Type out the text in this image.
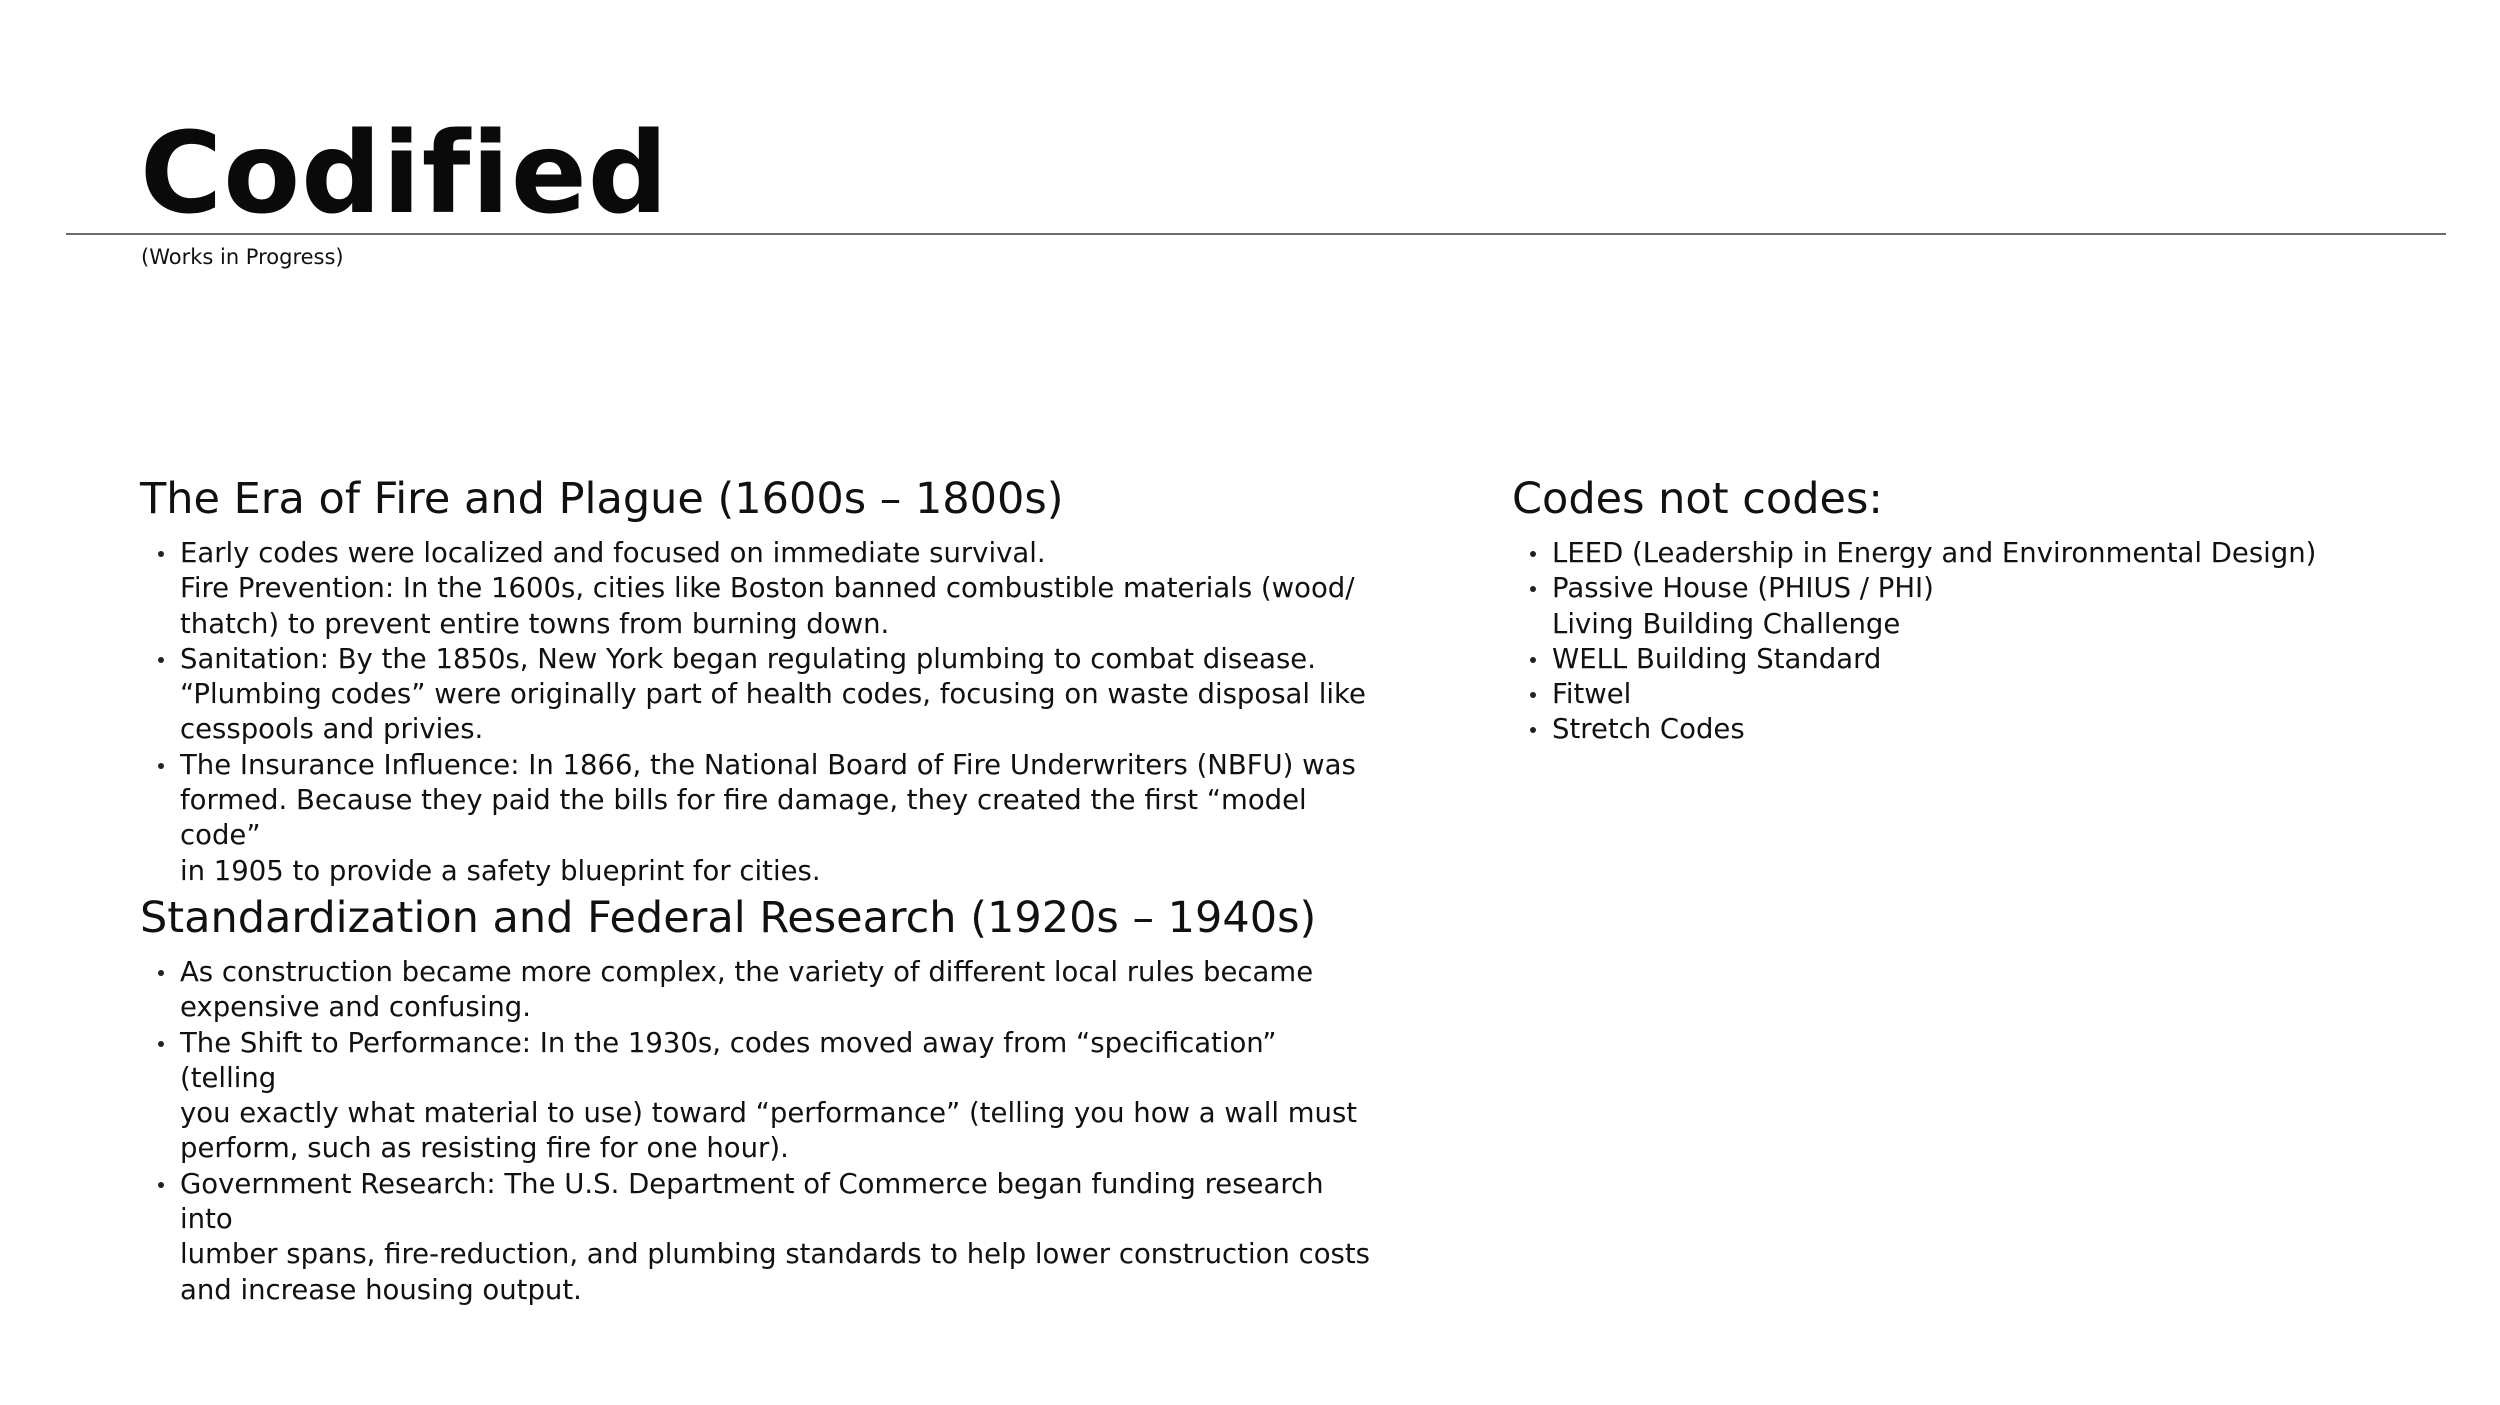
Codified
(Works in Progress)
The Era of Fire and Plague (1600s – 1800s)
Early codes were localized and focused on immediate survival.
Fire Prevention: In the 1600s, cities like Boston banned combustible materials (wood/
thatch) to prevent entire towns from burning down.
Sanitation: By the 1850s, New York began regulating plumbing to combat disease.
“Plumbing codes” were originally part of health codes, focusing on waste disposal like
cesspools and privies.
The Insurance Influence: In 1866, the National Board of Fire Underwriters (NBFU) was
formed. Because they paid the bills for fire damage, they created the first “model code”
in 1905 to provide a safety blueprint for cities.
Standardization and Federal Research (1920s – 1940s)
As construction became more complex, the variety of different local rules became
expensive and confusing.
The Shift to Performance: In the 1930s, codes moved away from “specification” (telling
you exactly what material to use) toward “performance” (telling you how a wall must
perform, such as resisting fire for one hour).
Government Research: The U.S. Department of Commerce began funding research into
lumber spans, fire-reduction, and plumbing standards to help lower construction costs
and increase housing output.
Codes not codes:
LEED (Leadership in Energy and Environmental Design)
Passive House (PHIUS / PHI)
Living Building Challenge
WELL Building Standard
Fitwel
Stretch Codes
